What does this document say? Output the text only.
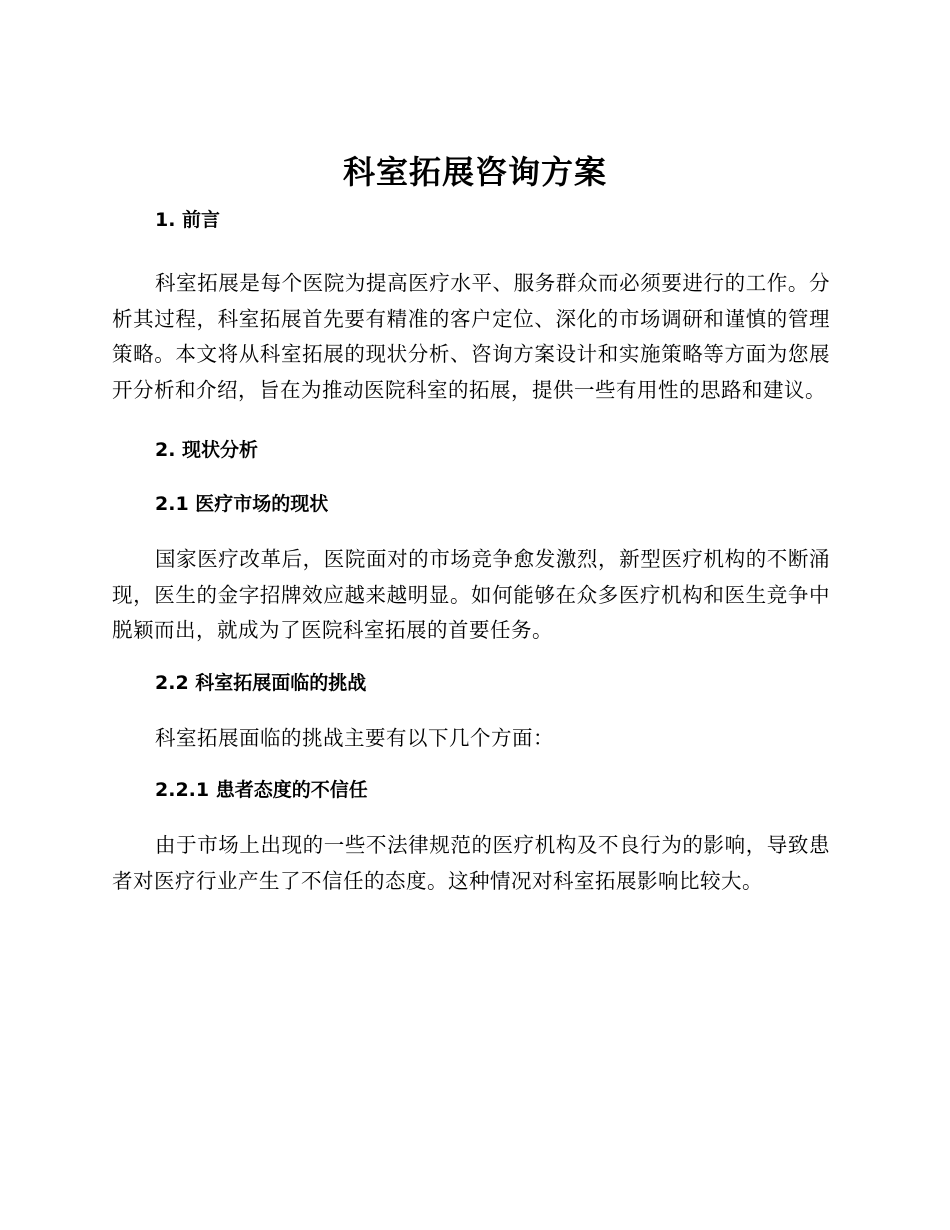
科室拓展咨询方案

1. 前言

科室拓展是每个医院为提高医疗水平、服务群众而必须要进行的工作。分析其过程，科室拓展首先要有精准的客户定位、深化的市场调研和谨慎的管理策略。本文将从科室拓展的现状分析、咨询方案设计和实施策略等方面为您展开分析和介绍，旨在为推动医院科室的拓展，提供一些有用性的思路和建议。

2. 现状分析

2.1 医疗市场的现状

国家医疗改革后，医院面对的市场竞争愈发激烈，新型医疗机构的不断涌现，医生的金字招牌效应越来越明显。如何能够在众多医疗机构和医生竞争中脱颖而出，就成为了医院科室拓展的首要任务。

2.2 科室拓展面临的挑战

科室拓展面临的挑战主要有以下几个方面：

2.2.1 患者态度的不信任

由于市场上出现的一些不法律规范的医疗机构及不良行为的影响，导致患者对医疗行业产生了不信任的态度。这种情况对科室拓展影响比较大。
